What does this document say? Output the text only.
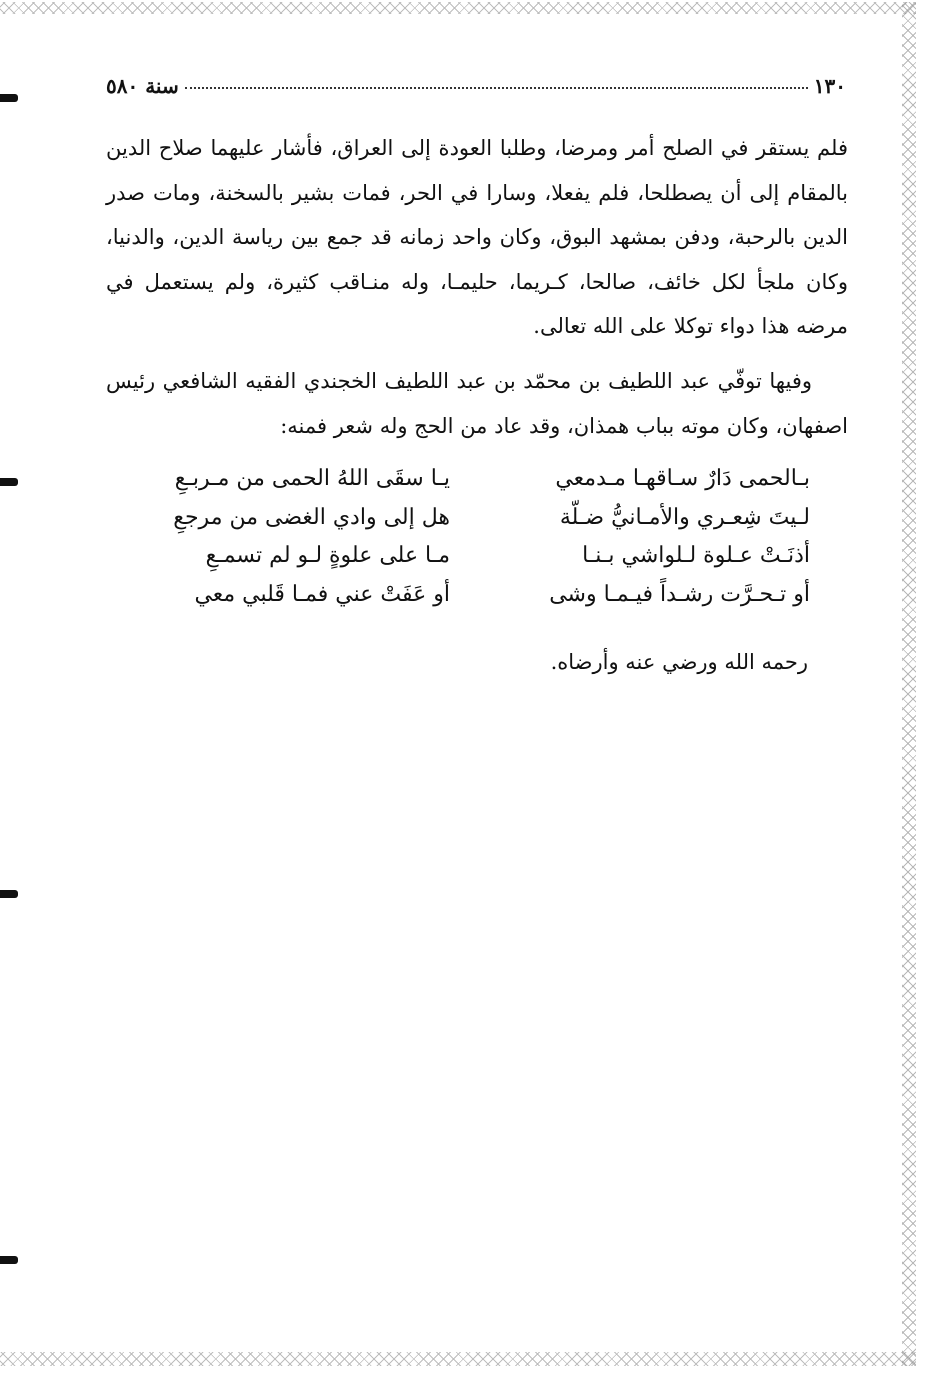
١٣٠
سنة ٥٨٠

فلم يستقر في الصلح أمر ومرضا، وطلبا العودة إلى العراق، فأشار عليهما صلاح الدين بالمقام إلى أن يصطلحا، فلم يفعلا، وسارا في الحر، فمات بشير بالسخنة، ومات صدر الدين بالرحبة، ودفن بمشهد البوق، وكان واحد زمانه قد جمع بين رياسة الدين، والدنيا، وكان ملجأ لكل خائف، صالحا، كـريما، حليمـا، وله منـاقب كثيرة، ولم يستعمل في مرضه هذا دواء توكلا على الله تعالى.

وفيها توفّي عبد اللطيف بن محمّد بن عبد اللطيف الخجندي الفقيه الشافعي رئيس اصفهان، وكان موته بباب همذان، وقد عاد من الحج وله شعر فمنه:

بـالحمى دَارٌ سـاقهـا مـدمعي
يـا سقَى اللهُ الحمى من مـربـعِ
لـيتَ شِعـري والأمـانيُّ ضـلّة
هل إلى وادي الغضى من مرجعِ
أذنَـتْ عـلوة لـلواشي بـنـا
مـا على علوةٍ لـو لم تسمـعِ
أو تـحـرَّت رشـداً فيـمـا وشى
أو عَفَتْ عني فمـا قَلبي معي
رحمه الله ورضي عنه وأرضاه.
